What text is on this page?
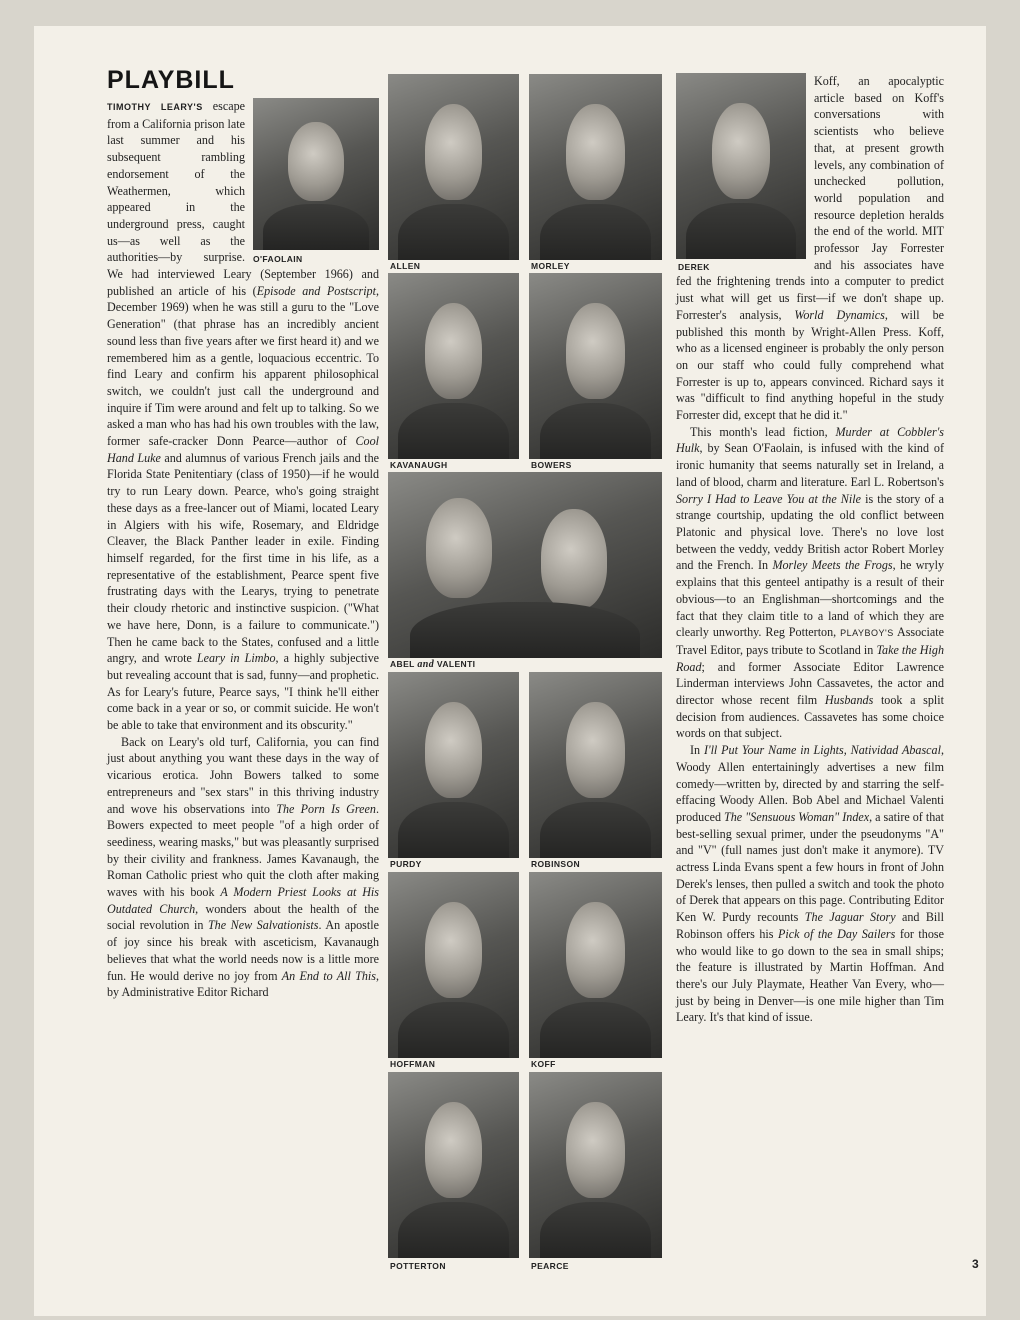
PLAYBILL
O'FAOLAIN

TIMOTHY LEARY'S escape from a California prison late last summer and his subsequent rambling endorsement of the Weathermen, which appeared in the underground press, caught us—as well as the authorities—by surprise. We had interviewed Leary (September 1966) and published an article of his (Episode and Postscript, December 1969) when he was still a guru to the "Love Generation" (that phrase has an incredibly ancient sound less than five years after we first heard it) and we remembered him as a gentle, loquacious eccentric. To find Leary and confirm his apparent philosophical switch, we couldn't just call the underground and inquire if Tim were around and felt up to talking. So we asked a man who has had his own troubles with the law, former safe-cracker Donn Pearce—author of Cool Hand Luke and alumnus of various French jails and the Florida State Penitentiary (class of 1950)—if he would try to run Leary down. Pearce, who's going straight these days as a free-lancer out of Miami, located Leary in Algiers with his wife, Rosemary, and Eldridge Cleaver, the Black Panther leader in exile. Finding himself regarded, for the first time in his life, as a representative of the establishment, Pearce spent five frustrating days with the Learys, trying to penetrate their cloudy rhetoric and instinctive suspicion. ("What we have here, Donn, is a failure to communicate.") Then he came back to the States, confused and a little angry, and wrote Leary in Limbo, a highly subjective but revealing account that is sad, funny—and prophetic. As for Leary's future, Pearce says, "I think he'll either come back in a year or so, or commit suicide. He won't be able to take that environment and its obscurity."

Back on Leary's old turf, California, you can find just about anything you want these days in the way of vicarious erotica. John Bowers talked to some entrepreneurs and "sex stars" in this thriving industry and wove his observations into The Porn Is Green. Bowers expected to meet people "of a high order of seediness, wearing masks," but was pleasantly surprised by their civility and frankness. James Kavanaugh, the Roman Catholic priest who quit the cloth after making waves with his book A Modern Priest Looks at His Outdated Church, wonders about the health of the social revolution in The New Salvationists. An apostle of joy since his break with asceticism, Kavanaugh believes that what the world needs now is a little more fun. He would derive no joy from An End to All This, by Administrative Editor Richard

ALLEN	MORLEY
KAVANAUGH	BOWERS
ABEL and VALENTI
PURDY	ROBINSON
HOFFMAN	KOFF
POTTERTON	PEARCE
DEREK

Koff, an apocalyptic article based on Koff's conversations with scientists who believe that, at present growth levels, any combination of unchecked pollution, world population and resource depletion heralds the end of the world. MIT professor Jay Forrester and his associates have fed the frightening trends into a computer to predict just what will get us first—if we don't shape up. Forrester's analysis, World Dynamics, will be published this month by Wright-Allen Press. Koff, who as a licensed engineer is probably the only person on our staff who could fully comprehend what Forrester is up to, appears convinced. Richard says it was "difficult to find anything hopeful in the study Forrester did, except that he did it."

This month's lead fiction, Murder at Cobbler's Hulk, by Sean O'Faolain, is infused with the kind of ironic humanity that seems naturally set in Ireland, a land of blood, charm and literature. Earl L. Robertson's Sorry I Had to Leave You at the Nile is the story of a strange courtship, updating the old conflict between Platonic and physical love. There's no love lost between the veddy, veddy British actor Robert Morley and the French. In Morley Meets the Frogs, he wryly explains that this genteel antipathy is a result of their obvious—to an Englishman—shortcomings and the fact that they claim title to a land of which they are clearly unworthy. Reg Potterton, PLAYBOY'S Associate Travel Editor, pays tribute to Scotland in Take the High Road; and former Associate Editor Lawrence Linderman interviews John Cassavetes, the actor and director whose recent film Husbands took a split decision from audiences. Cassavetes has some choice words on that subject.

In I'll Put Your Name in Lights, Natividad Abascal, Woody Allen entertainingly advertises a new film comedy—written by, directed by and starring the self-effacing Woody Allen. Bob Abel and Michael Valenti produced The "Sensuous Woman" Index, a satire of that best-selling sexual primer, under the pseudonyms "A" and "V" (full names just don't make it anymore). TV actress Linda Evans spent a few hours in front of John Derek's lenses, then pulled a switch and took the photo of Derek that appears on this page. Contributing Editor Ken W. Purdy recounts The Jaguar Story and Bill Robinson offers his Pick of the Day Sailers for those who would like to go down to the sea in small ships; the feature is illustrated by Martin Hoffman. And there's our July Playmate, Heather Van Every, who—just by being in Denver—is one mile higher than Tim Leary. It's that kind of issue.

3
